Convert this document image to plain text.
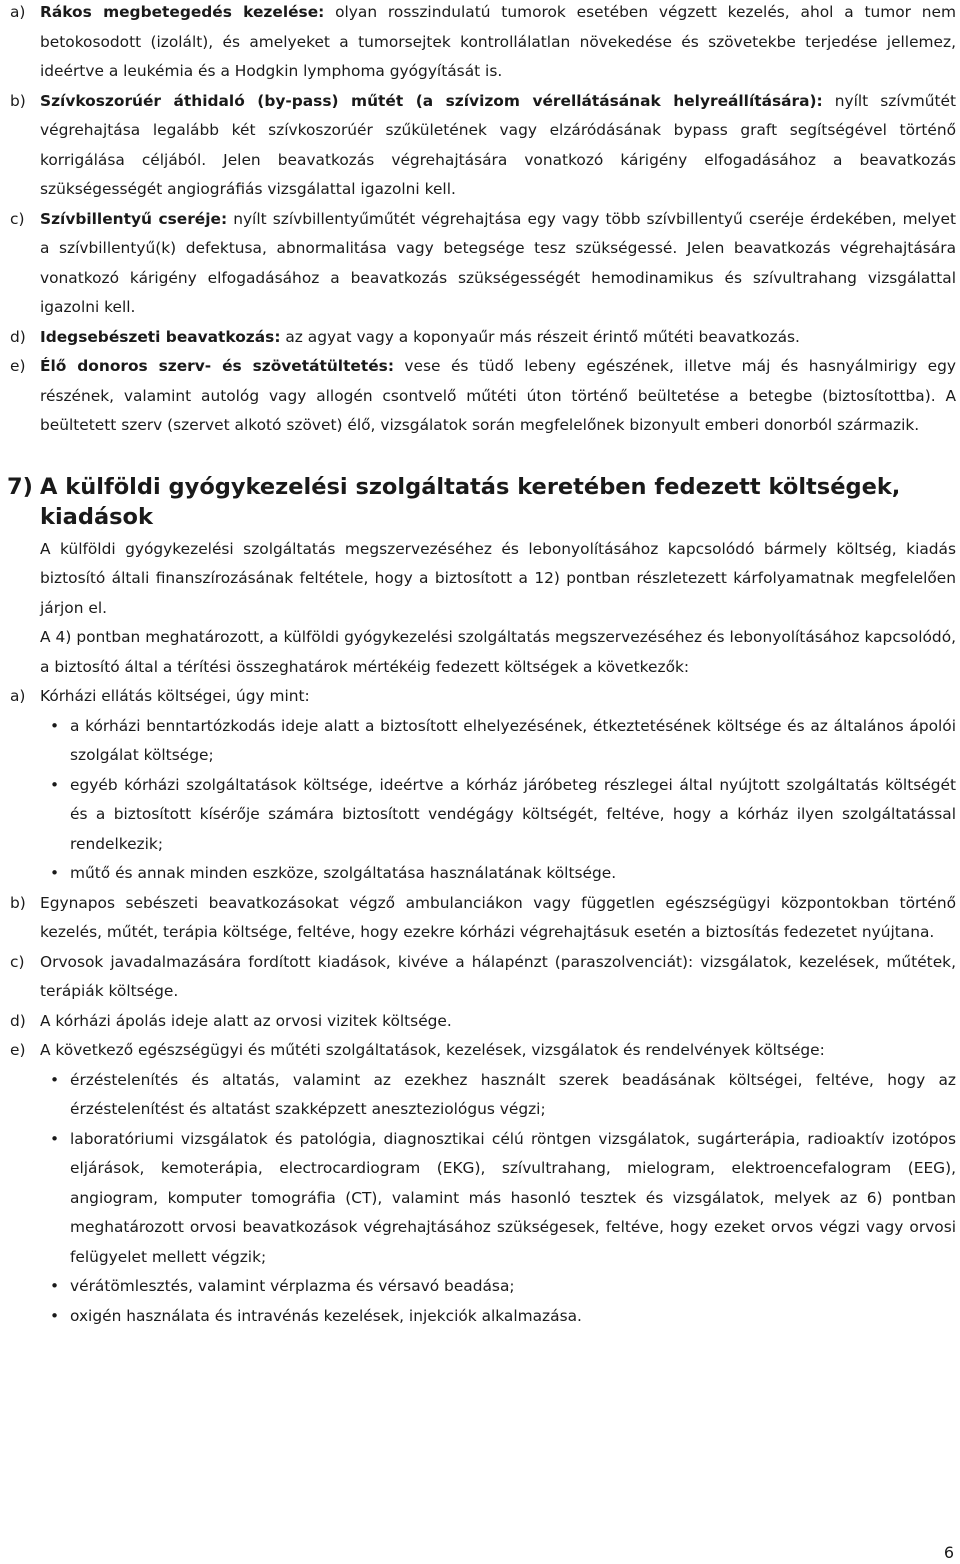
a) Rákos megbetegedés kezelése: olyan rosszindulatú tumorok esetében végzett kezelés, ahol a tumor nem betokosodott (izolált), és amelyeket a tumorsejtek kontrollálatlan növekedése és szövetekbe terjedése jellemez, ideértve a leukémia és a Hodgkin lymphoma gyógyítását is.
b) Szívkoszorúér áthidaló (by-pass) műtét (a szívizom vérellátásának helyreállítására): nyílt szívműtét végrehajtása legalább két szívkoszorúér szűkületének vagy elzáródásának bypass graft segítségével történő korrigálása céljából. Jelen beavatkozás végrehajtására vonatkozó kárigény elfogadásához a beavatkozás szükségességét angiográfiás vizsgálattal igazolni kell.
c) Szívbillentyű cseréje: nyílt szívbillentyűműtét végrehajtása egy vagy több szívbillentyű cseréje érdekében, melyet a szívbillentyű(k) defektusa, abnormalitása vagy betegsége tesz szükségessé. Jelen beavatkozás végrehajtására vonatkozó kárigény elfogadásához a beavatkozás szükségességét hemodinamikus és szívultrahang vizsgálattal igazolni kell.
d) Idegsebészeti beavatkozás: az agyat vagy a koponyaűr más részeit érintő műtéti beavatkozás.
e) Élő donoros szerv- és szövetátültetés: vese és tüdő lebeny egészének, illetve máj és hasnyálmirigy egy részének, valamint autológ vagy allogén csontvelő műtéti úton történő beültetése a betegbe (biztosítottba). A beültetett szerv (szervet alkotó szövet) élő, vizsgálatok során megfelelőnek bizonyult emberi donorból származik.
7) A külföldi gyógykezelési szolgáltatás keretében fedezett költségek, kiadások
A külföldi gyógykezelési szolgáltatás megszervezéséhez és lebonyolításához kapcsolódó bármely költség, kiadás biztosító általi finanszírozásának feltétele, hogy a biztosított a 12) pontban részletezett kárfolyamatnak megfelelően járjon el.
A 4) pontban meghatározott, a külföldi gyógykezelési szolgáltatás megszervezéséhez és lebonyolításához kapcsolódó, a biztosító által a térítési összeghatárok mértékéig fedezett költségek a következők:
a) Kórházi ellátás költségei, úgy mint:
• a kórházi benntartózkodás ideje alatt a biztosított elhelyezésének, étkeztetésének költsége és az általános ápolói szolgálat költsége;
• egyéb kórházi szolgáltatások költsége, ideértve a kórház járóbeteg részlegei által nyújtott szolgáltatás költségét és a biztosított kísérője számára biztosított vendégágy költségét, feltéve, hogy a kórház ilyen szolgáltatással rendelkezik;
• műtő és annak minden eszköze, szolgáltatása használatának költsége.
b) Egynapos sebészeti beavatkozásokat végző ambulanciákon vagy független egészségügyi központokban történő kezelés, műtét, terápia költsége, feltéve, hogy ezekre kórházi végrehajtásuk esetén a biztosítás fedezetet nyújtana.
c) Orvosok javadalmazására fordított kiadások, kivéve a hálapénzt (paraszolvenciát): vizsgálatok, kezelések, műtétek, terápiák költsége.
d) A kórházi ápolás ideje alatt az orvosi vizitek költsége.
e) A következő egészségügyi és műtéti szolgáltatások, kezelések, vizsgálatok és rendelvények költsége:
• érzéstelenítés és altatás, valamint az ezekhez használt szerek beadásának költségei, feltéve, hogy az érzéstelenítést és altatást szakképzett aneszteziológus végzi;
• laboratóriumi vizsgálatok és patológia, diagnosztikai célú röntgen vizsgálatok, sugárterápia, radioaktív izotópos eljárások, kemoterápia, electrocardiogram (EKG), szívultrahang, mielogram, elektroencefalogram (EEG), angiogram, komputer tomográfia (CT), valamint más hasonló tesztek és vizsgálatok, melyek az 6) pontban meghatározott orvosi beavatkozások végrehajtásához szükségesek, feltéve, hogy ezeket orvos végzi vagy orvosi felügyelet mellett végzik;
• vérátömlesztés, valamint vérplazma és vérsavó beadása;
• oxigén használata és intravénás kezelések, injekciók alkalmazása.
6
